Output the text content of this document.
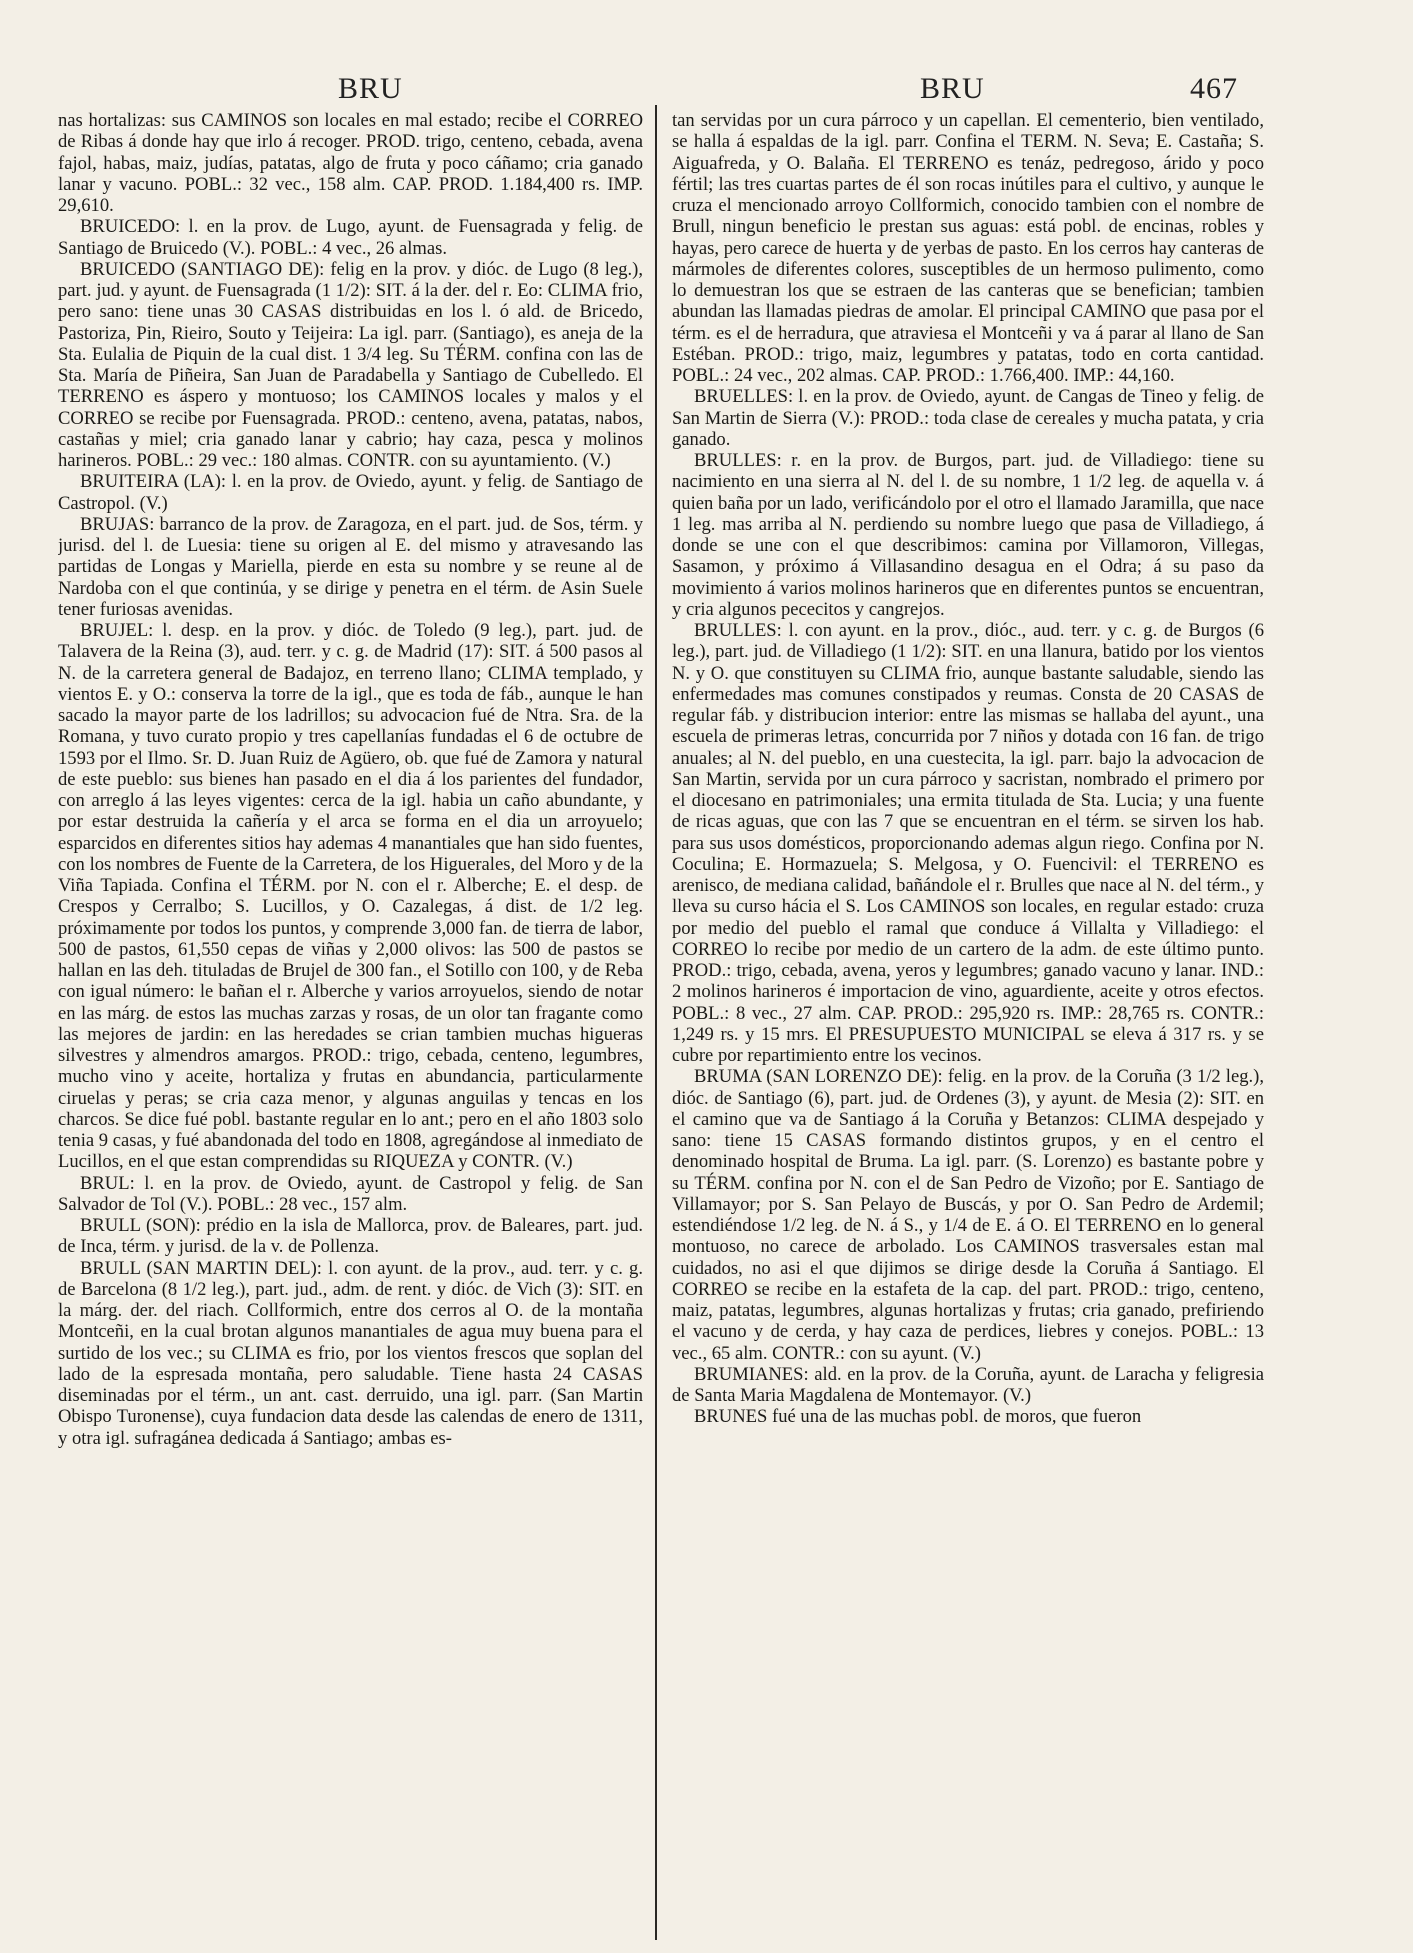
BRU	BRU	467

nas hortalizas: sus CAMINOS son locales en mal estado; recibe el CORREO de Ribas á donde hay que irlo á recoger. PROD. trigo, centeno, cebada, avena fajol, habas, maiz, judías, patatas, algo de fruta y poco cáñamo; cria ganado lanar y vacuno. POBL.: 32 vec., 158 alm. CAP. PROD. 1.184,400 rs. IMP. 29,610.

BRUICEDO: l. en la prov. de Lugo, ayunt. de Fuensagrada y felig. de Santiago de Bruicedo (V.). POBL.: 4 vec., 26 almas.

BRUICEDO (SANTIAGO DE): felig en la prov. y dióc. de Lugo (8 leg.), part. jud. y ayunt. de Fuensagrada (1 1/2): SIT. á la der. del r. Eo: CLIMA frio, pero sano: tiene unas 30 CASAS distribuidas en los l. ó ald. de Bricedo, Pastoriza, Pin, Rieiro, Souto y Teijeira: La igl. parr. (Santiago), es aneja de la Sta. Eulalia de Piquin de la cual dist. 1 3/4 leg. Su TÉRM. confina con las de Sta. María de Piñeira, San Juan de Paradabella y Santiago de Cubelledo. El TERRENO es áspero y montuoso; los CAMINOS locales y malos y el CORREO se recibe por Fuensagrada. PROD.: centeno, avena, patatas, nabos, castañas y miel; cria ganado lanar y cabrio; hay caza, pesca y molinos harineros. POBL.: 29 vec.: 180 almas. CONTR. con su ayuntamiento. (V.)

BRUITEIRA (LA): l. en la prov. de Oviedo, ayunt. y felig. de Santiago de Castropol. (V.)

BRUJAS: barranco de la prov. de Zaragoza, en el part. jud. de Sos, térm. y jurisd. del l. de Luesia: tiene su origen al E. del mismo y atravesando las partidas de Longas y Mariella, pierde en esta su nombre y se reune al de Nardoba con el que continúa, y se dirige y penetra en el térm. de Asin Suele tener furiosas avenidas.

BRUJEL: l. desp. en la prov. y dióc. de Toledo (9 leg.), part. jud. de Talavera de la Reina (3), aud. terr. y c. g. de Madrid (17): SIT. á 500 pasos al N. de la carretera general de Badajoz, en terreno llano; CLIMA templado, y vientos E. y O.: conserva la torre de la igl., que es toda de fáb., aunque le han sacado la mayor parte de los ladrillos; su advocacion fué de Ntra. Sra. de la Romana, y tuvo curato propio y tres capellanías fundadas el 6 de octubre de 1593 por el Ilmo. Sr. D. Juan Ruiz de Agüero, ob. que fué de Zamora y natural de este pueblo: sus bienes han pasado en el dia á los parientes del fundador, con arreglo á las leyes vigentes: cerca de la igl. habia un caño abundante, y por estar destruida la cañería y el arca se forma en el dia un arroyuelo; esparcidos en diferentes sitios hay ademas 4 manantiales que han sido fuentes, con los nombres de Fuente de la Carretera, de los Higuerales, del Moro y de la Viña Tapiada. Confina el TÉRM. por N. con el r. Alberche; E. el desp. de Crespos y Cerralbo; S. Lucillos, y O. Cazalegas, á dist. de 1/2 leg. próximamente por todos los puntos, y comprende 3,000 fan. de tierra de labor, 500 de pastos, 61,550 cepas de viñas y 2,000 olivos: las 500 de pastos se hallan en las deh. tituladas de Brujel de 300 fan., el Sotillo con 100, y de Reba con igual número: le bañan el r. Alberche y varios arroyuelos, siendo de notar en las márg. de estos las muchas zarzas y rosas, de un olor tan fragante como las mejores de jardin: en las heredades se crian tambien muchas higueras silvestres y almendros amargos. PROD.: trigo, cebada, centeno, legumbres, mucho vino y aceite, hortaliza y frutas en abundancia, particularmente ciruelas y peras; se cria caza menor, y algunas anguilas y tencas en los charcos. Se dice fué pobl. bastante regular en lo ant.; pero en el año 1803 solo tenia 9 casas, y fué abandonada del todo en 1808, agregándose al inmediato de Lucillos, en el que estan comprendidas su RIQUEZA y CONTR. (V.)

BRUL: l. en la prov. de Oviedo, ayunt. de Castropol y felig. de San Salvador de Tol (V.). POBL.: 28 vec., 157 alm.

BRULL (SON): prédio en la isla de Mallorca, prov. de Baleares, part. jud. de Inca, térm. y jurisd. de la v. de Pollenza.

BRULL (SAN MARTIN DEL): l. con ayunt. de la prov., aud. terr. y c. g. de Barcelona (8 1/2 leg.), part. jud., adm. de rent. y dióc. de Vich (3): SIT. en la márg. der. del riach. Collformich, entre dos cerros al O. de la montaña Montceñi, en la cual brotan algunos manantiales de agua muy buena para el surtido de los vec.; su CLIMA es frio, por los vientos frescos que soplan del lado de la espresada montaña, pero saludable. Tiene hasta 24 CASAS diseminadas por el térm., un ant. cast. derruido, una igl. parr. (San Martin Obispo Turonense), cuya fundacion data desde las calendas de enero de 1311, y otra igl. sufragánea dedicada á Santiago; ambas es-

tan servidas por un cura párroco y un capellan. El cementerio, bien ventilado, se halla á espaldas de la igl. parr. Confina el TERM. N. Seva; E. Castaña; S. Aiguafreda, y O. Balaña. El TERRENO es tenáz, pedregoso, árido y poco fértil; las tres cuartas partes de él son rocas inútiles para el cultivo, y aunque le cruza el mencionado arroyo Collformich, conocido tambien con el nombre de Brull, ningun beneficio le prestan sus aguas: está pobl. de encinas, robles y hayas, pero carece de huerta y de yerbas de pasto. En los cerros hay canteras de mármoles de diferentes colores, susceptibles de un hermoso pulimento, como lo demuestran los que se estraen de las canteras que se benefician; tambien abundan las llamadas piedras de amolar. El principal CAMINO que pasa por el térm. es el de herradura, que atraviesa el Montceñi y va á parar al llano de San Estéban. PROD.: trigo, maiz, legumbres y patatas, todo en corta cantidad. POBL.: 24 vec., 202 almas. CAP. PROD.: 1.766,400. IMP.: 44,160.

BRUELLES: l. en la prov. de Oviedo, ayunt. de Cangas de Tineo y felig. de San Martin de Sierra (V.): PROD.: toda clase de cereales y mucha patata, y cria ganado.

BRULLES: r. en la prov. de Burgos, part. jud. de Villadiego: tiene su nacimiento en una sierra al N. del l. de su nombre, 1 1/2 leg. de aquella v. á quien baña por un lado, verificándolo por el otro el llamado Jaramilla, que nace 1 leg. mas arriba al N. perdiendo su nombre luego que pasa de Villadiego, á donde se une con el que describimos: camina por Villamoron, Villegas, Sasamon, y próximo á Villasandino desagua en el Odra; á su paso da movimiento á varios molinos harineros que en diferentes puntos se encuentran, y cria algunos pececitos y cangrejos.

BRULLES: l. con ayunt. en la prov., dióc., aud. terr. y c. g. de Burgos (6 leg.), part. jud. de Villadiego (1 1/2): SIT. en una llanura, batido por los vientos N. y O. que constituyen su CLIMA frio, aunque bastante saludable, siendo las enfermedades mas comunes constipados y reumas. Consta de 20 CASAS de regular fáb. y distribucion interior: entre las mismas se hallaba del ayunt., una escuela de primeras letras, concurrida por 7 niños y dotada con 16 fan. de trigo anuales; al N. del pueblo, en una cuestecita, la igl. parr. bajo la advocacion de San Martin, servida por un cura párroco y sacristan, nombrado el primero por el diocesano en patrimoniales; una ermita titulada de Sta. Lucia; y una fuente de ricas aguas, que con las 7 que se encuentran en el térm. se sirven los hab. para sus usos domésticos, proporcionando ademas algun riego. Confina por N. Coculina; E. Hormazuela; S. Melgosa, y O. Fuencivil: el TERRENO es arenisco, de mediana calidad, bañándole el r. Brulles que nace al N. del térm., y lleva su curso hácia el S. Los CAMINOS son locales, en regular estado: cruza por medio del pueblo el ramal que conduce á Villalta y Villadiego: el CORREO lo recibe por medio de un cartero de la adm. de este último punto. PROD.: trigo, cebada, avena, yeros y legumbres; ganado vacuno y lanar. IND.: 2 molinos harineros é importacion de vino, aguardiente, aceite y otros efectos. POBL.: 8 vec., 27 alm. CAP. PROD.: 295,920 rs. IMP.: 28,765 rs. CONTR.: 1,249 rs. y 15 mrs. El PRESUPUESTO MUNICIPAL se eleva á 317 rs. y se cubre por repartimiento entre los vecinos.

BRUMA (SAN LORENZO DE): felig. en la prov. de la Coruña (3 1/2 leg.), dióc. de Santiago (6), part. jud. de Ordenes (3), y ayunt. de Mesia (2): SIT. en el camino que va de Santiago á la Coruña y Betanzos: CLIMA despejado y sano: tiene 15 CASAS formando distintos grupos, y en el centro el denominado hospital de Bruma. La igl. parr. (S. Lorenzo) es bastante pobre y su TÉRM. confina por N. con el de San Pedro de Vizoño; por E. Santiago de Villamayor; por S. San Pelayo de Buscás, y por O. San Pedro de Ardemil; estendiéndose 1/2 leg. de N. á S., y 1/4 de E. á O. El TERRENO en lo general montuoso, no carece de arbolado. Los CAMINOS trasversales estan mal cuidados, no asi el que dijimos se dirige desde la Coruña á Santiago. El CORREO se recibe en la estafeta de la cap. del part. PROD.: trigo, centeno, maiz, patatas, legumbres, algunas hortalizas y frutas; cria ganado, prefiriendo el vacuno y de cerda, y hay caza de perdices, liebres y conejos. POBL.: 13 vec., 65 alm. CONTR.: con su ayunt. (V.)

BRUMIANES: ald. en la prov. de la Coruña, ayunt. de Laracha y feligresia de Santa Maria Magdalena de Montemayor. (V.)

BRUNES fué una de las muchas pobl. de moros, que fueron
